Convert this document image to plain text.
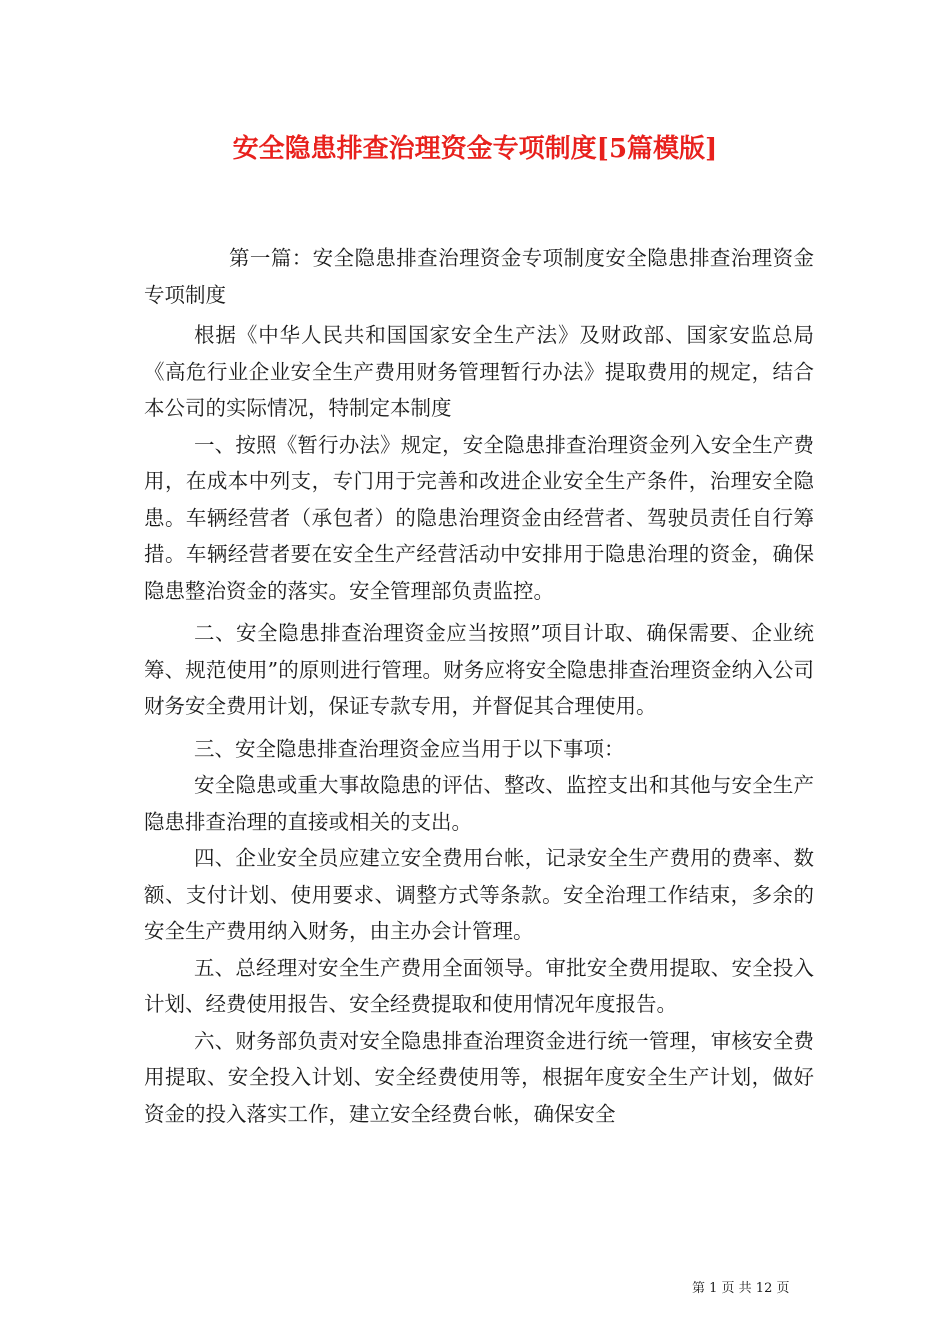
安全隐患排查治理资金专项制度[5篇模版]

第一篇：安全隐患排查治理资金专项制度安全隐患排查治理资金专项制度

根据《中华人民共和国国家安全生产法》及财政部、国家安监总局《高危行业企业安全生产费用财务管理暂行办法》提取费用的规定，结合本公司的实际情况，特制定本制度

一、按照《暂行办法》规定，安全隐患排查治理资金列入安全生产费用，在成本中列支，专门用于完善和改进企业安全生产条件，治理安全隐患。车辆经营者（承包者）的隐患治理资金由经营者、驾驶员责任自行筹措。车辆经营者要在安全生产经营活动中安排用于隐患治理的资金，确保隐患整治资金的落实。安全管理部负责监控。

二、安全隐患排查治理资金应当按照”项目计取、确保需要、企业统筹、规范使用”的原则进行管理。财务应将安全隐患排查治理资金纳入公司财务安全费用计划，保证专款专用，并督促其合理使用。

三、安全隐患排查治理资金应当用于以下事项：

安全隐患或重大事故隐患的评估、整改、监控支出和其他与安全生产隐患排查治理的直接或相关的支出。

四、企业安全员应建立安全费用台帐，记录安全生产费用的费率、数额、支付计划、使用要求、调整方式等条款。安全治理工作结束，多余的安全生产费用纳入财务，由主办会计管理。

五、总经理对安全生产费用全面领导。审批安全费用提取、安全投入计划、经费使用报告、安全经费提取和使用情况年度报告。

六、财务部负责对安全隐患排查治理资金进行统一管理，审核安全费用提取、安全投入计划、安全经费使用等，根据年度安全生产计划，做好资金的投入落实工作，建立安全经费台帐，确保安全

第 1 页 共 12 页
